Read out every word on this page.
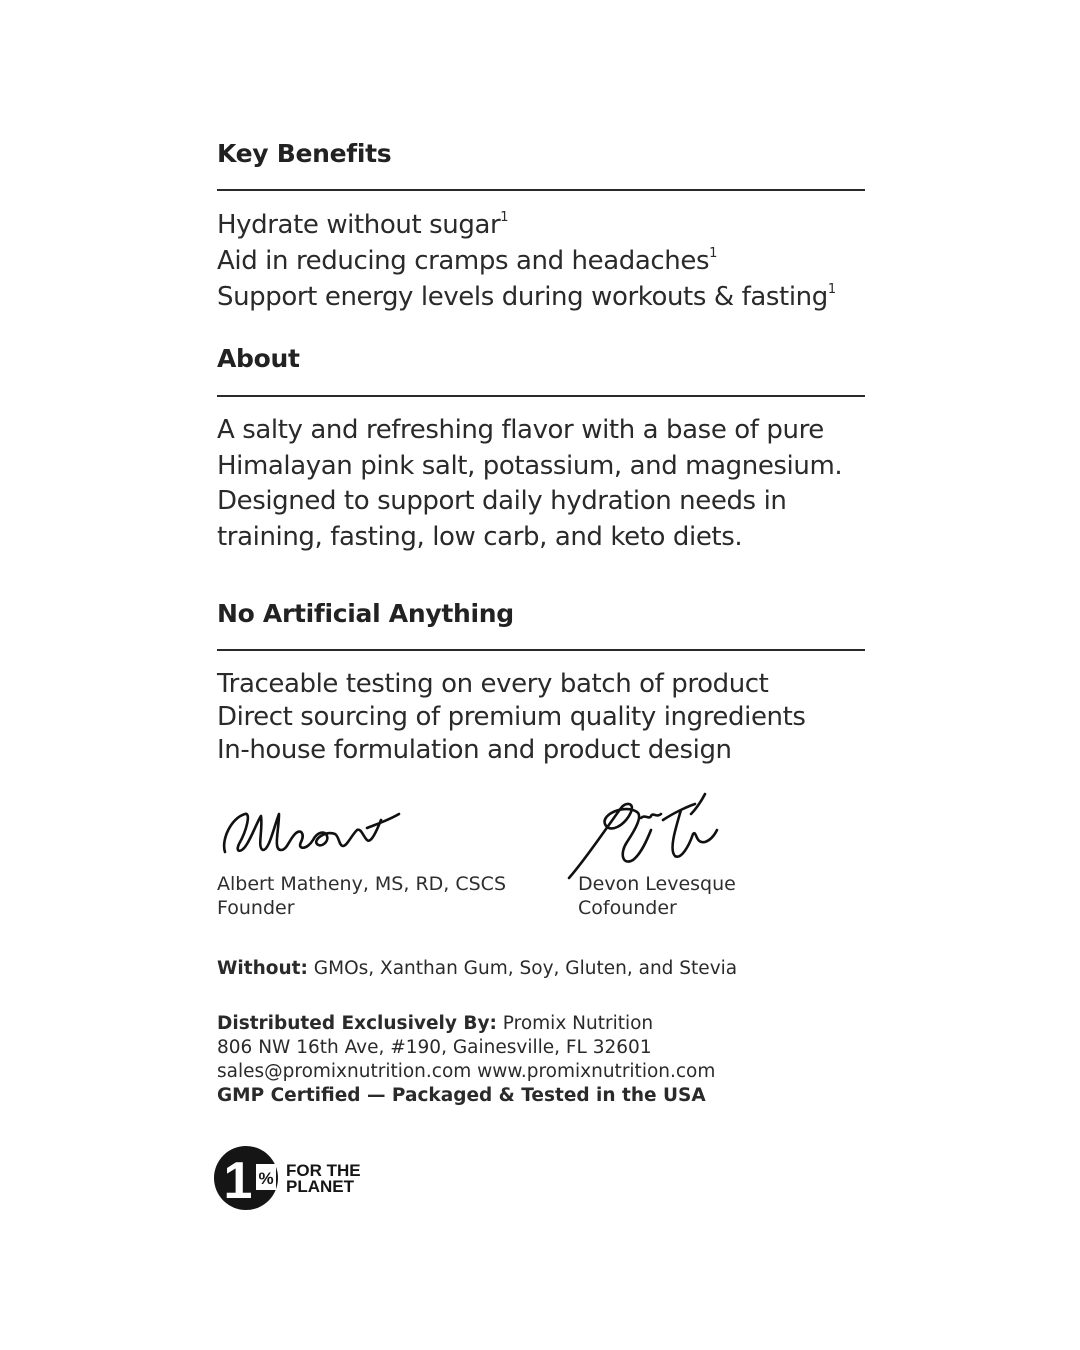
Key Benefits
Hydrate without sugar$^1$
Aid in reducing cramps and headaches$^1$
Support energy levels during workouts & fasting$^1$
About
A salty and refreshing flavor with a base of pure
Himalayan pink salt, potassium, and magnesium.
Designed to support daily hydration needs in
training, fasting, low carb, and keto diets.
No Artificial Anything
Traceable testing on every batch of product
Direct sourcing of premium quality ingredients
In-house formulation and product design
Albert Matheny, MS, RD, CSCS
Founder
Devon Levesque
Cofounder
Without: GMOs, Xanthan Gum, Soy, Gluten, and Stevia
Distributed Exclusively By: Promix Nutrition
806 NW 16th Ave, #190, Gainesville, FL 32601
sales@promixnutrition.com www.promixnutrition.com
GMP Certified — Packaged & Tested in the USA
1 % FOR THE
PLANET
